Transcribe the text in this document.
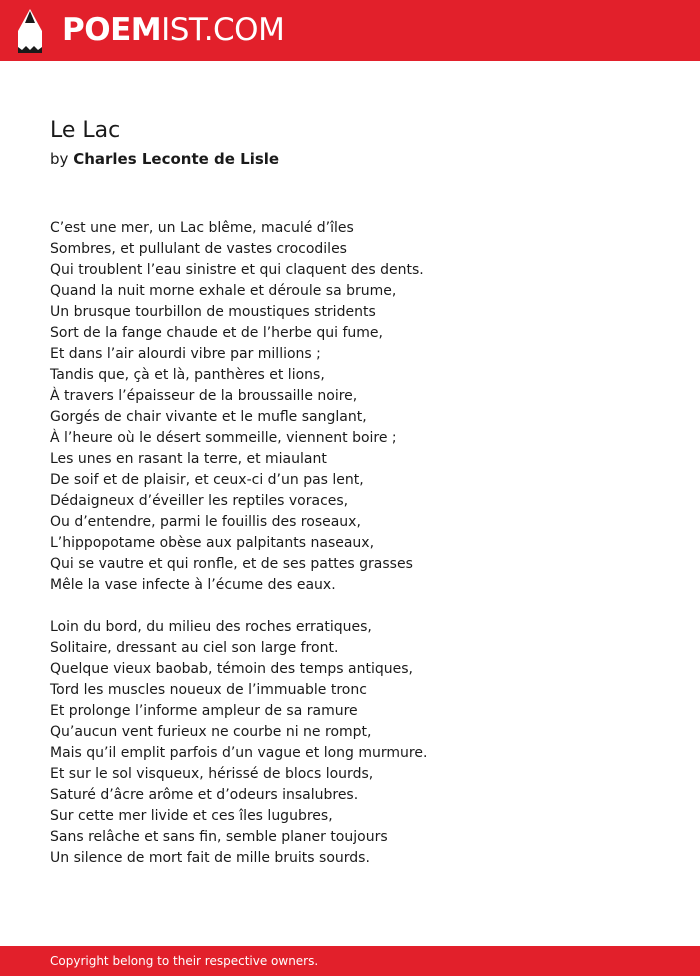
POEMIST.COM
Le Lac
by Charles Leconte de Lisle
C’est une mer, un Lac blême, maculé d’îles
Sombres, et pullulant de vastes crocodiles
Qui troublent l’eau sinistre et qui claquent des dents.
Quand la nuit morne exhale et déroule sa brume,
Un brusque tourbillon de moustiques stridents
Sort de la fange chaude et de l’herbe qui fume,
Et dans l’air alourdi vibre par millions ;
Tandis que, çà et là, panthères et lions,
À travers l’épaisseur de la broussaille noire,
Gorgés de chair vivante et le mufle sanglant,
À l’heure où le désert sommeille, viennent boire ;
Les unes en rasant la terre, et miaulant
De soif et de plaisir, et ceux-ci d’un pas lent,
Dédaigneux d’éveiller les reptiles voraces,
Ou d’entendre, parmi le fouillis des roseaux,
L’hippopotame obèse aux palpitants naseaux,
Qui se vautre et qui ronfle, et de ses pattes grasses
Mêle la vase infecte à l’écume des eaux.
Loin du bord, du milieu des roches erratiques,
Solitaire, dressant au ciel son large front.
Quelque vieux baobab, témoin des temps antiques,
Tord les muscles noueux de l’immuable tronc
Et prolonge l’informe ampleur de sa ramure
Qu’aucun vent furieux ne courbe ni ne rompt,
Mais qu’il emplit parfois d’un vague et long murmure.
Et sur le sol visqueux, hérissé de blocs lourds,
Saturé d’âcre arôme et d’odeurs insalubres.
Sur cette mer livide et ces îles lugubres,
Sans relâche et sans fin, semble planer toujours
Un silence de mort fait de mille bruits sourds.
Copyright belong to their respective owners.
